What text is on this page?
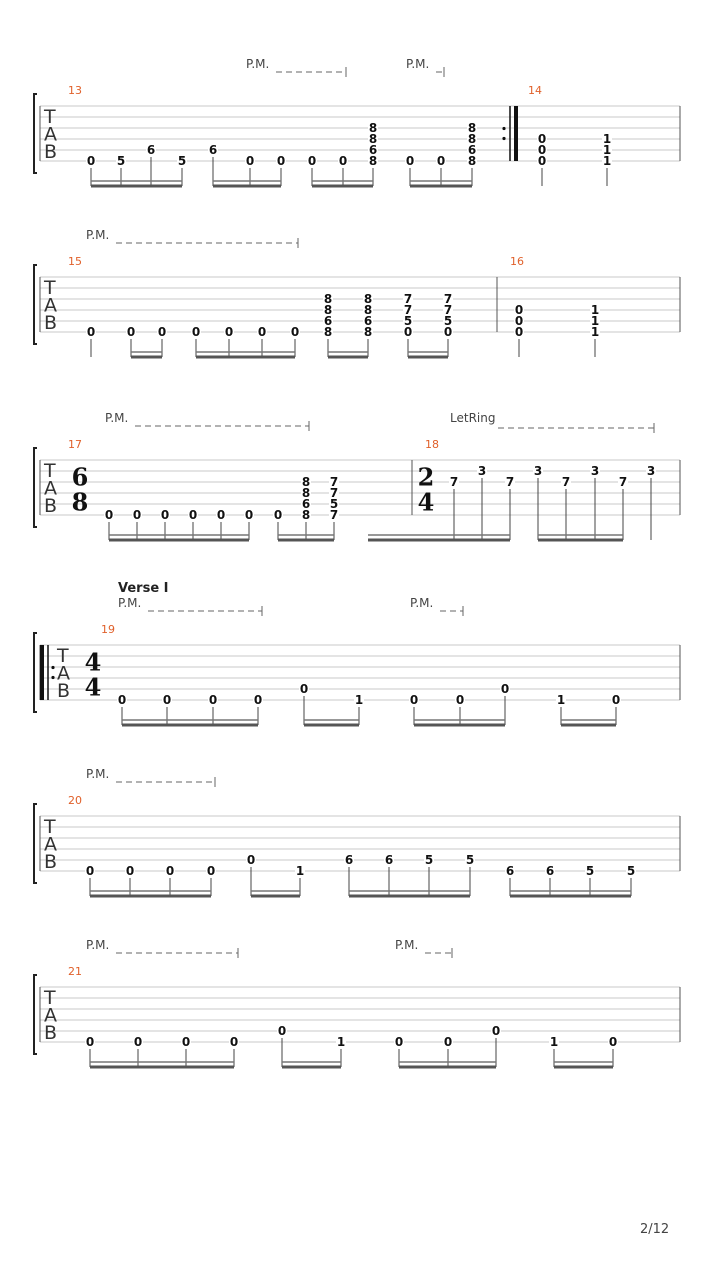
T
A
B
13
0 5
6
5
6
0 0 0 0
8
8
6
8 0 0
8
8
6
8
14
0
0
0
1
1
1
P.M.	P.M.
T
A
B
15
0	0 0 0 0 0 0
8
8
6
8
8
8
6
8
7
7
5
0
7
7
5
0
16
0
0
0
1
1
1
P.M.
T
A
B
17
6
8 0 0 0 0 0 0 0
8
8
6
8
7
7
5
7
18
2
4
7
3
7
3
7
3
7
3
P.M.	LetRing
T
A
B
19
4
4 0	0	0	0
0
1	0	0
0
1	0
P.M.	P.M.
Verse I
T
A
B
20
0	0	0	0
0
1
6	6	5	5
6	6	5	5
P.M.
T
A
B
21
0	0	0	0
0
1	0	0
0
1	0
P.M.	P.M.
2/12
